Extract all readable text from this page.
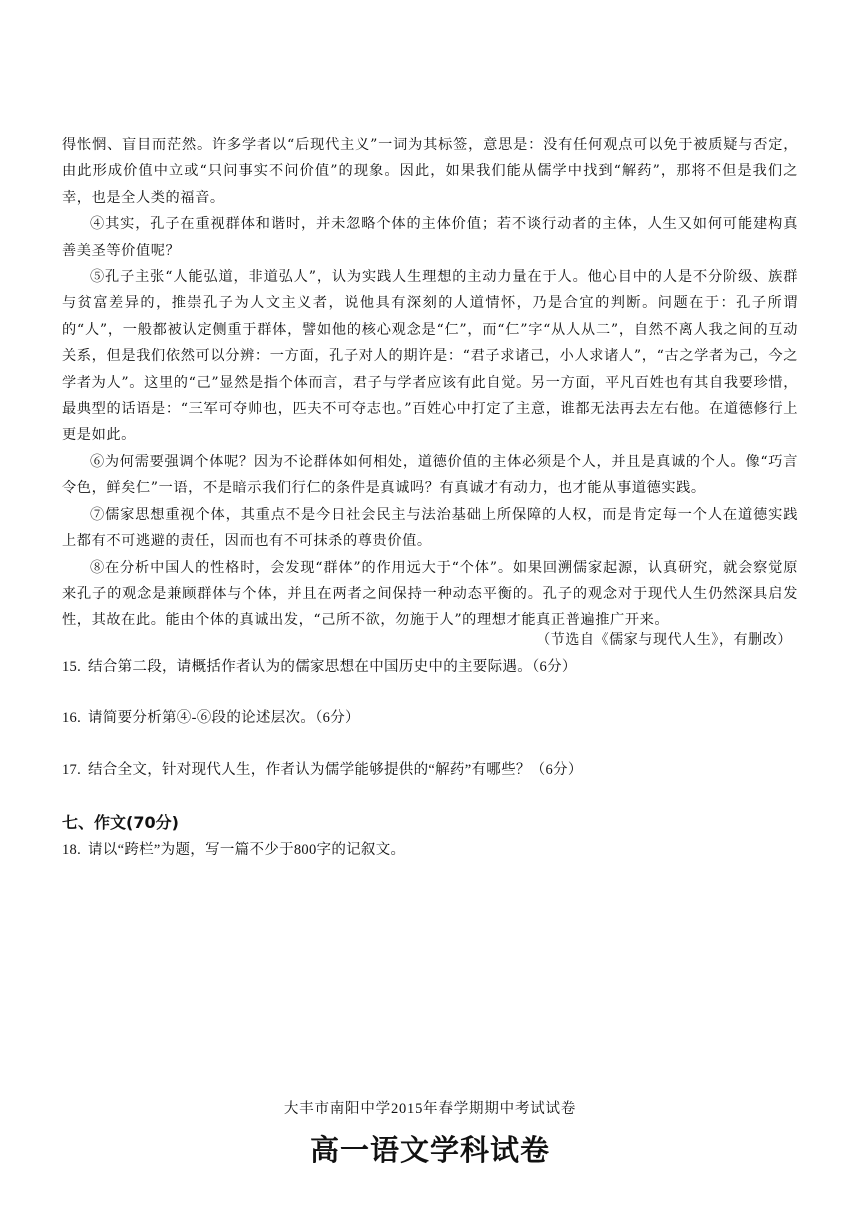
得怅惘、盲目而茫然。许多学者以“后现代主义”一词为其标签，意思是：没有任何观点可以免于被质疑与否定，由此形成价值中立或“只问事实不问价值”的现象。因此，如果我们能从儒学中找到“解药”，那将不但是我们之幸，也是全人类的福音。

④其实，孔子在重视群体和谐时，并未忽略个体的主体价值；若不谈行动者的主体，人生又如何可能建构真善美圣等价值呢？

⑤孔子主张“人能弘道，非道弘人”，认为实践人生理想的主动力量在于人。他心目中的人是不分阶级、族群与贫富差异的，推崇孔子为人文主义者，说他具有深刻的人道情怀，乃是合宜的判断。问题在于：孔子所谓的“人”，一般都被认定侧重于群体，譬如他的核心观念是“仁”，而“仁”字“从人从二”，自然不离人我之间的互动关系，但是我们依然可以分辨：一方面，孔子对人的期许是：“君子求诸己，小人求诸人”，“古之学者为己，今之学者为人”。这里的“己”显然是指个体而言，君子与学者应该有此自觉。另一方面，平凡百姓也有其自我要珍惜，最典型的话语是：“三军可夺帅也，匹夫不可夺志也。”百姓心中打定了主意，谁都无法再去左右他。在道德修行上更是如此。

⑥为何需要强调个体呢？因为不论群体如何相处，道德价值的主体必须是个人，并且是真诚的个人。像“巧言令色，鲜矣仁”一语，不是暗示我们行仁的条件是真诚吗？有真诚才有动力，也才能从事道德实践。

⑦儒家思想重视个体，其重点不是今日社会民主与法治基础上所保障的人权，而是肯定每一个人在道德实践上都有不可逃避的责任，因而也有不可抹杀的尊贵价值。

⑧在分析中国人的性格时，会发现“群体”的作用远大于“个体”。如果回溯儒家起源，认真研究，就会察觉原来孔子的观念是兼顾群体与个体，并且在两者之间保持一种动态平衡的。孔子的观念对于现代人生仍然深具启发性，其故在此。能由个体的真诚出发，“己所不欲，勿施于人”的理想才能真正普遍推广开来。

（节选自《儒家与现代人生》，有删改）
15. 结合第二段，请概括作者认为的儒家思想在中国历史中的主要际遇。（6分）
16. 请简要分析第④-⑥段的论述层次。（6分）
17. 结合全文，针对现代人生，作者认为儒学能够提供的“解药”有哪些？（6分）
七、作文(70分)
18. 请以“跨栏”为题，写一篇不少于800字的记叙文。
大丰市南阳中学2015年春学期期中考试试卷
高一语文学科试卷
